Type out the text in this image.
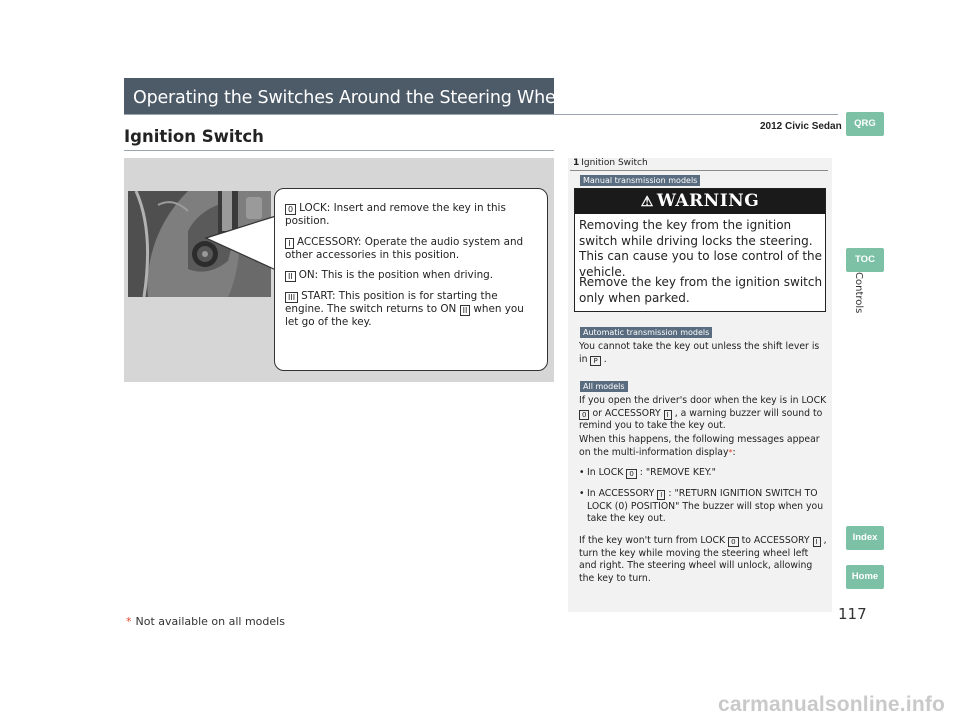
Operating the Switches Around the Steering Wheel
2012 Civic Sedan
Ignition Switch

0 LOCK: Insert and remove the key in this position.

I ACCESSORY: Operate the audio system and other accessories in this position.

II ON: This is the position when driving.

III START: This position is for starting the engine. The switch returns to ON II when you let go of the key.

1 Ignition Switch
Manual transmission models
⚠ WARNING
Removing the key from the ignition switch while driving locks the steering. This can cause you to lose control of the vehicle.
Remove the key from the ignition switch only when parked.
Automatic transmission models
You cannot take the key out unless the shift lever is in P .
All models
If you open the driver's door when the key is in LOCK 0 or ACCESSORY I , a warning buzzer will sound to remind you to take the key out.
When this happens, the following messages appear on the multi-information display*:
• In LOCK 0 : "REMOVE KEY."
• In ACCESSORY I : "RETURN IGNITION SWITCH TO LOCK (0) POSITION" The buzzer will stop when you take the key out.
If the key won't turn from LOCK 0 to ACCESSORY I , turn the key while moving the steering wheel left and right. The steering wheel will unlock, allowing the key to turn.
QRG
TOC
Controls
Index
Home
117
* Not available on all models
carmanualsonline.info
